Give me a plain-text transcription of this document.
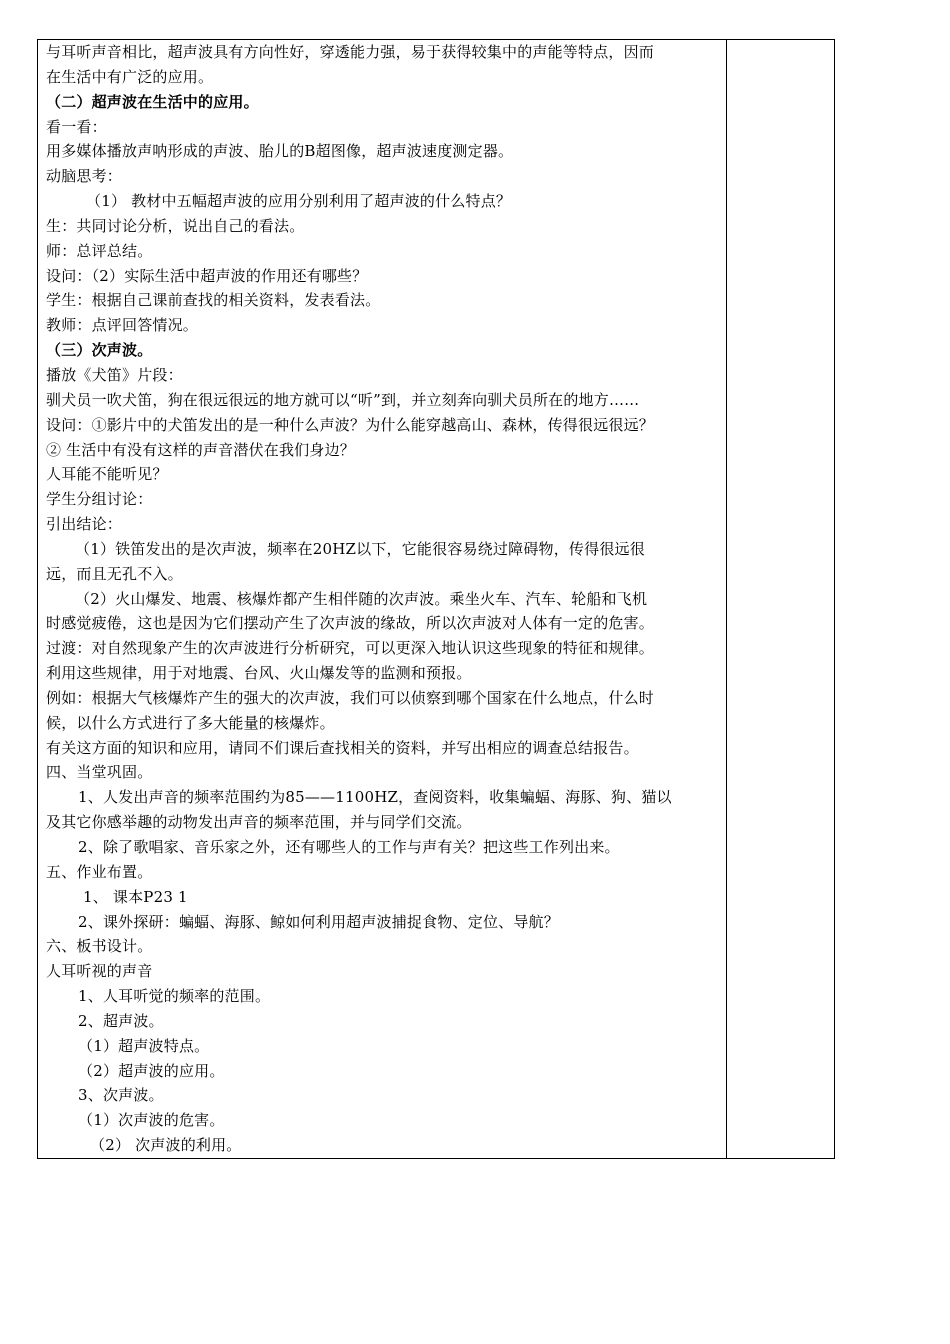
与耳听声音相比，超声波具有方向性好，穿透能力强，易于获得较集中的声能等特点，因而
在生活中有广泛的应用。
（二）超声波在生活中的应用。
看一看：
用多媒体播放声呐形成的声波、胎儿的B超图像，超声波速度测定器。
动脑思考：
（1） 教材中五幅超声波的应用分别利用了超声波的什么特点？
生：共同讨论分析，说出自己的看法。
师：总评总结。
设问：（2）实际生活中超声波的作用还有哪些？
学生：根据自己课前查找的相关资料，发表看法。
教师：点评回答情况。
（三）次声波。
播放《犬笛》片段：
驯犬员一吹犬笛，狗在很远很远的地方就可以“听”到，并立刻奔向驯犬员所在的地方……
设问：①影片中的犬笛发出的是一种什么声波？为什么能穿越高山、森林，传得很远很远？
② 生活中有没有这样的声音潜伏在我们身边？
人耳能不能听见？
学生分组讨论：
引出结论：
（1）铁笛发出的是次声波，频率在20HZ以下，它能很容易绕过障碍物，传得很远很
远，而且无孔不入。
（2）火山爆发、地震、核爆炸都产生相伴随的次声波。乘坐火车、汽车、轮船和飞机
时感觉疲倦，这也是因为它们摆动产生了次声波的缘故，所以次声波对人体有一定的危害。
过渡：对自然现象产生的次声波进行分析研究，可以更深入地认识这些现象的特征和规律。
利用这些规律，用于对地震、台风、火山爆发等的监测和预报。
例如：根据大气核爆炸产生的强大的次声波，我们可以侦察到哪个国家在什么地点，什么时
候，以什么方式进行了多大能量的核爆炸。
有关这方面的知识和应用，请同不们课后查找相关的资料，并写出相应的调查总结报告。
四、当堂巩固。
1、人发出声音的频率范围约为85——1100HZ，查阅资料，收集蝙蝠、海豚、狗、猫以
及其它你感举趣的动物发出声音的频率范围，并与同学们交流。
2、除了歌唱家、音乐家之外，还有哪些人的工作与声有关？把这些工作列出来。
五、作业布置。
1、 课本P23 1
2、课外探研：蝙蝠、海豚、鲸如何利用超声波捕捉食物、定位、导航？
六、板书设计。
人耳听视的声音
1、人耳听觉的频率的范围。
2、超声波。
（1）超声波特点。
（2）超声波的应用。
3、次声波。
（1）次声波的危害。
（2） 次声波的利用。
